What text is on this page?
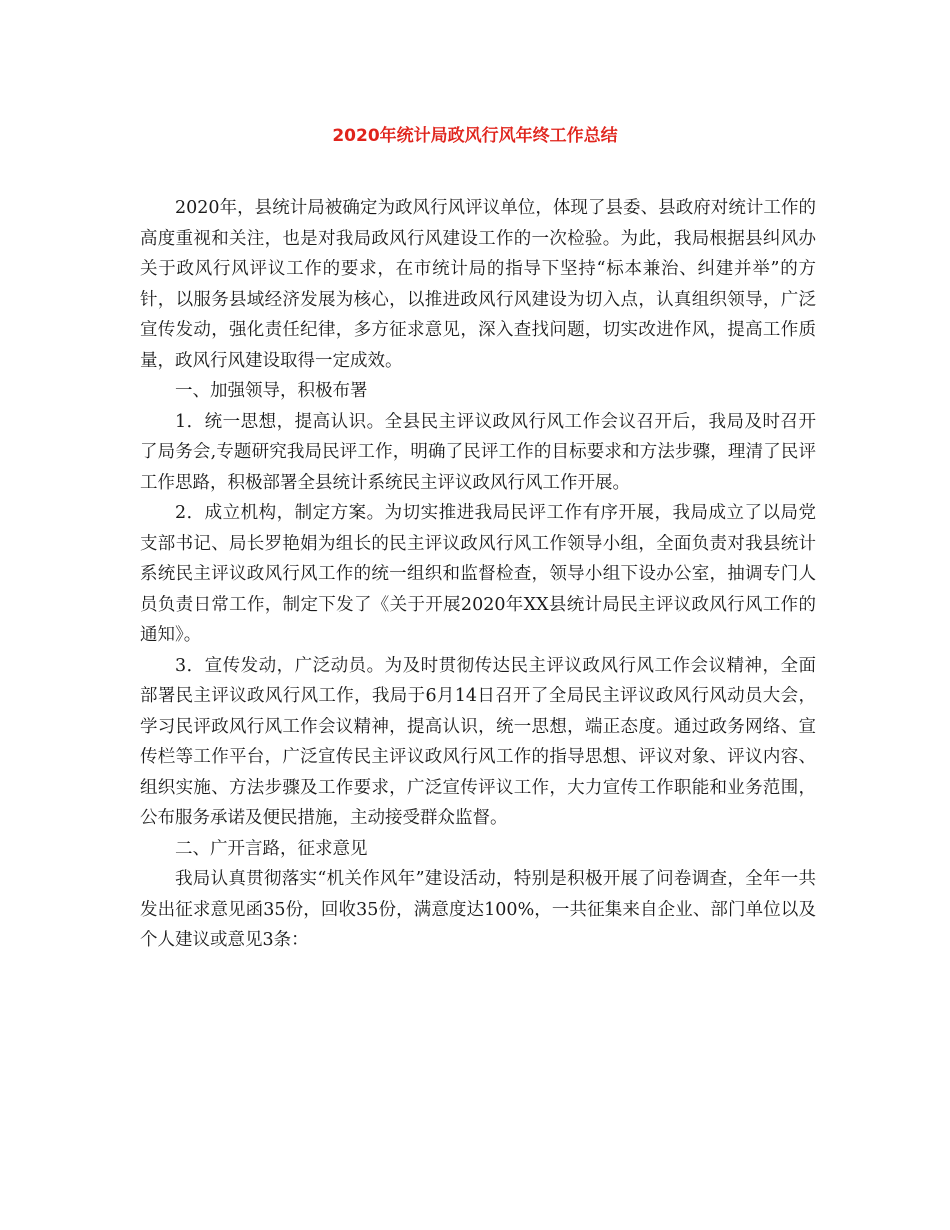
2020年统计局政风行风年终工作总结

2020年，县统计局被确定为政风行风评议单位，体现了县委、县政府对统计工作的高度重视和关注，也是对我局政风行风建设工作的一次检验。为此，我局根据县纠风办关于政风行风评议工作的要求，在市统计局的指导下坚持“标本兼治、纠建并举”的方针，以服务县域经济发展为核心，以推进政风行风建设为切入点，认真组织领导，广泛宣传发动，强化责任纪律，多方征求意见，深入查找问题，切实改进作风，提高工作质量，政风行风建设取得一定成效。

一、加强领导，积极布署

1．统一思想，提高认识。全县民主评议政风行风工作会议召开后，我局及时召开了局务会,专题研究我局民评工作，明确了民评工作的目标要求和方法步骤，理清了民评工作思路，积极部署全县统计系统民主评议政风行风工作开展。

2．成立机构，制定方案。为切实推进我局民评工作有序开展，我局成立了以局党支部书记、局长罗艳娟为组长的民主评议政风行风工作领导小组，全面负责对我县统计系统民主评议政风行风工作的统一组织和监督检查，领导小组下设办公室，抽调专门人员负责日常工作，制定下发了《关于开展2020年XX县统计局民主评议政风行风工作的通知》。

3．宣传发动，广泛动员。为及时贯彻传达民主评议政风行风工作会议精神，全面部署民主评议政风行风工作，我局于6月14日召开了全局民主评议政风行风动员大会，学习民评政风行风工作会议精神，提高认识，统一思想，端正态度。通过政务网络、宣传栏等工作平台，广泛宣传民主评议政风行风工作的指导思想、评议对象、评议内容、组织实施、方法步骤及工作要求，广泛宣传评议工作，大力宣传工作职能和业务范围，公布服务承诺及便民措施，主动接受群众监督。

二、广开言路，征求意见

我局认真贯彻落实“机关作风年”建设活动，特别是积极开展了问卷调查，全年一共发出征求意见函35份，回收35份，满意度达100%，一共征集来自企业、部门单位以及个人建议或意见3条：
